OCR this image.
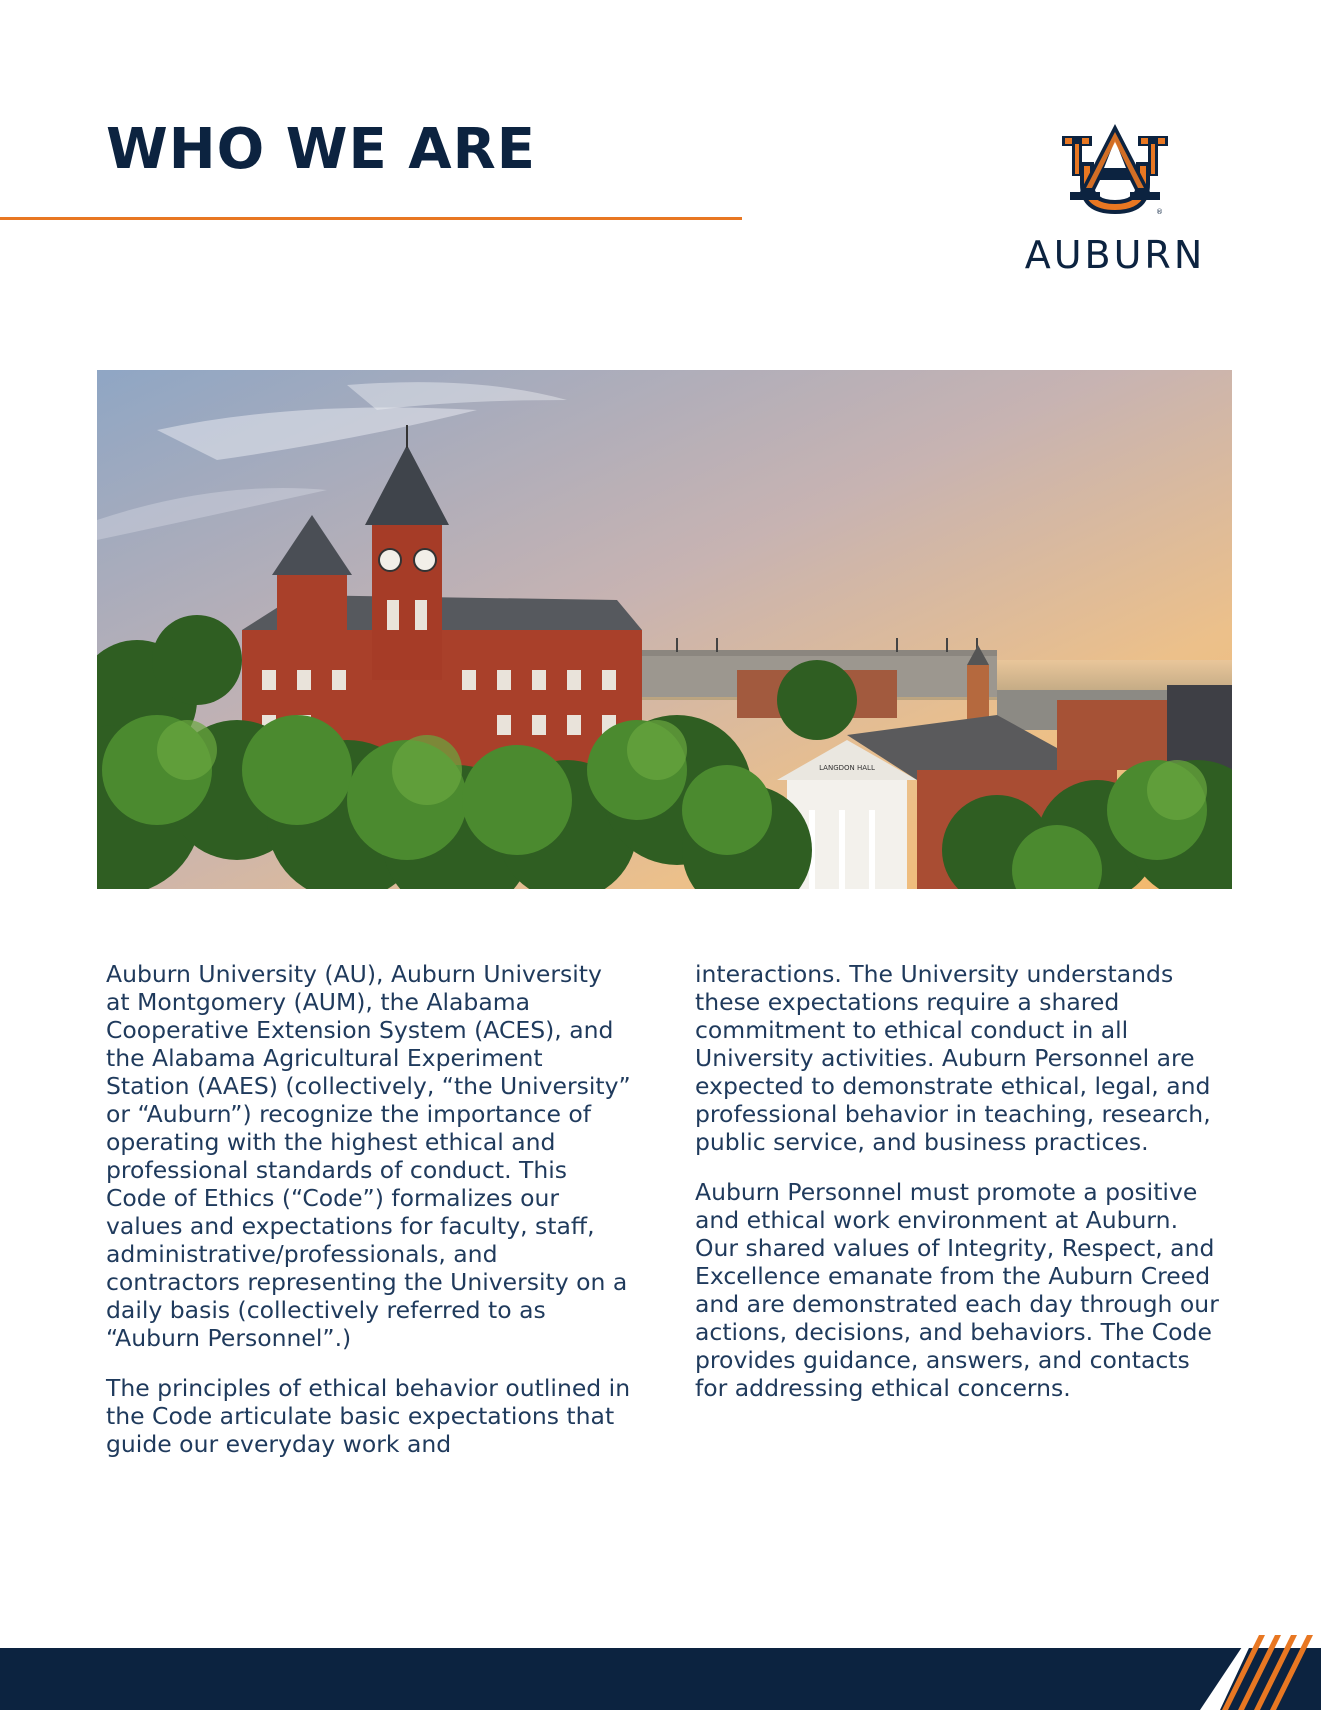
WHO WE ARE
®
AUBURN
LANGDON HALL

Auburn University (AU), Auburn University at Montgomery (AUM), the Alabama Cooperative Extension System (ACES), and the Alabama Agricultural Experiment Station (AAES) (collectively, “the University” or “Auburn”) recognize the importance of operating with the highest ethical and professional standards of conduct. This Code of Ethics (“Code”) formalizes our values and expectations for faculty, staff, administrative/professionals, and contractors representing the University on a daily basis (collectively referred to as “Auburn Personnel”.)

The principles of ethical behavior outlined in the Code articulate basic expectations that guide our everyday work and

interactions. The University understands these expectations require a shared commitment to ethical conduct in all University activities. Auburn Personnel are expected to demonstrate ethical, legal, and professional behavior in teaching, research, public service, and business practices.

Auburn Personnel must promote a positive and ethical work environment at Auburn. Our shared values of Integrity, Respect, and Excellence emanate from the Auburn Creed and are demonstrated each day through our actions, decisions, and behaviors. The Code provides guidance, answers, and contacts for addressing ethical concerns.
